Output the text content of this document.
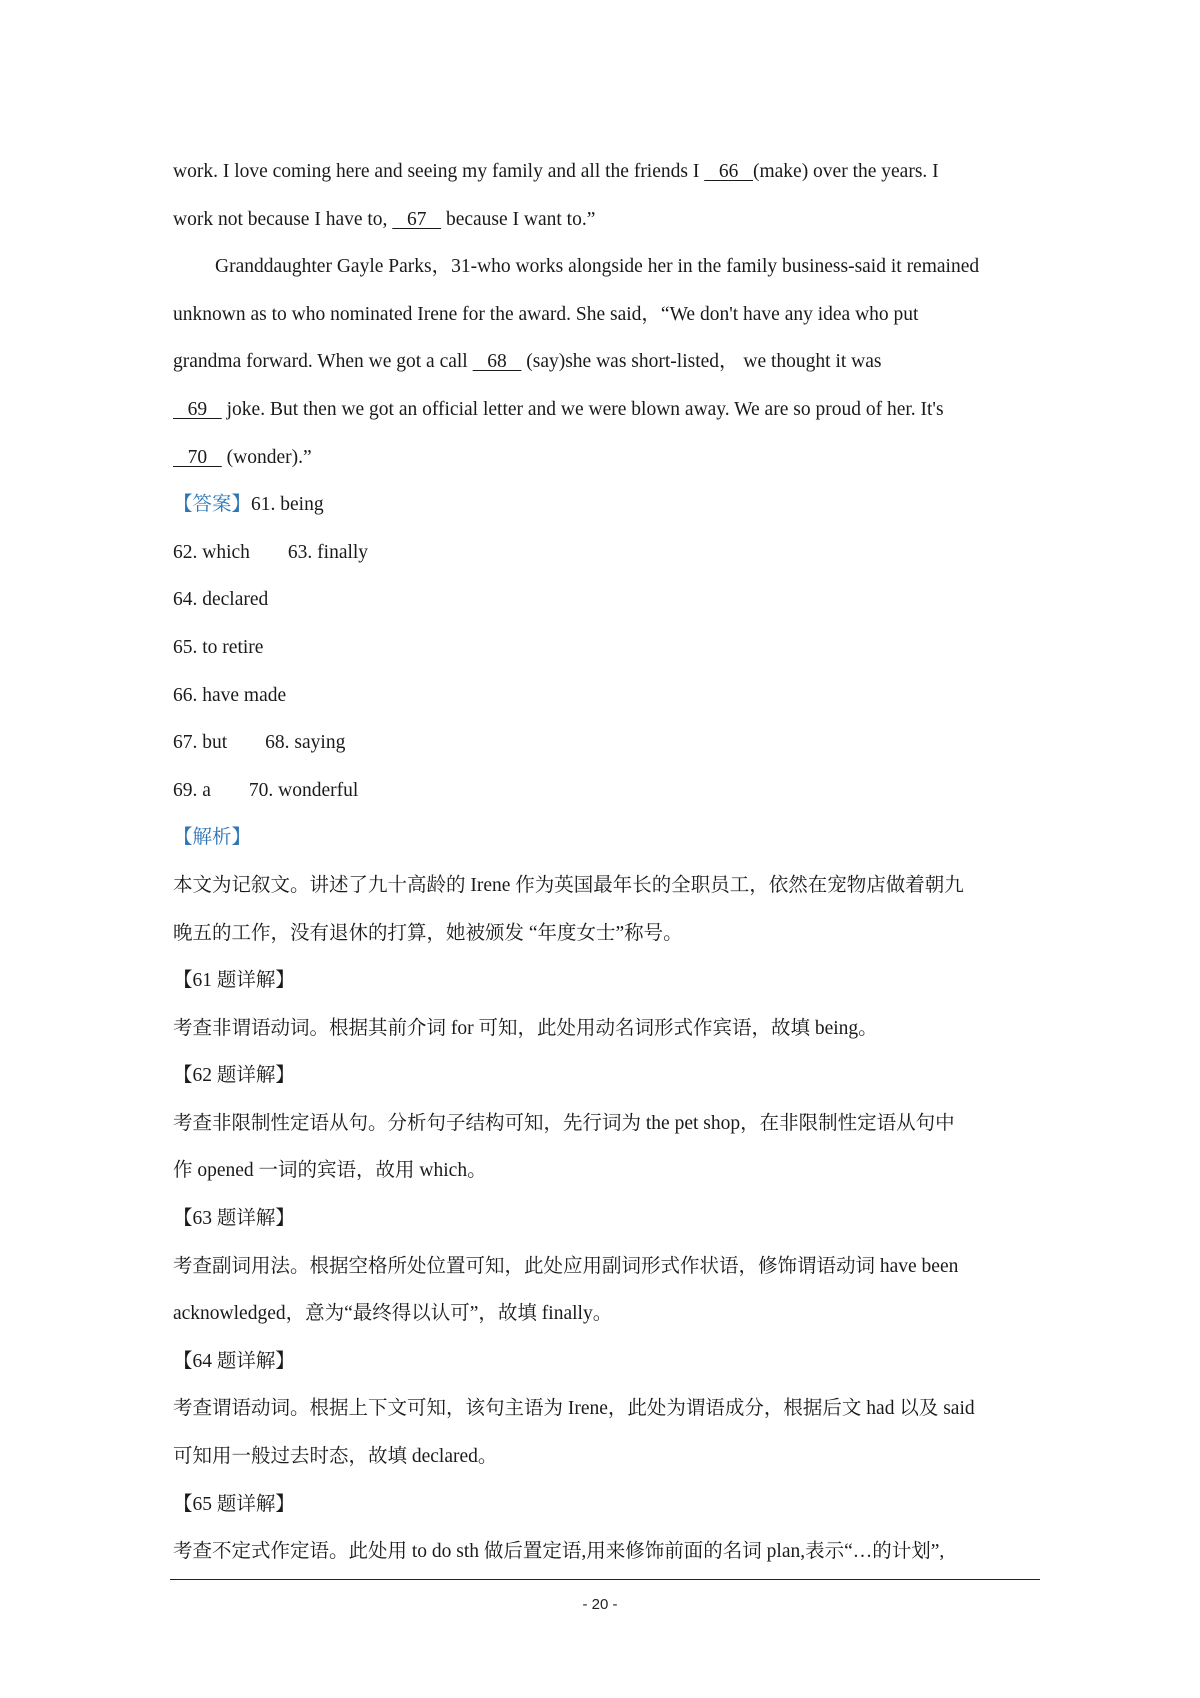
work. I love coming here and seeing my family and all the friends I    66   (make) over the years. I
work not because I have to,    67    because I want to.”
Granddaughter Gayle Parks，31-who works alongside her in the family business-said it remained
unknown as to who nominated Irene for the award. She said，“We don't have any idea who put
grandma forward. When we got a call    68    (say)she was short-listed， we thought it was
69    joke. But then we got an official letter and we were blown away. We are so proud of her. It's
70    (wonder).”
【答案】61. being
62. which 63. finally
64. declared
65. to retire
66. have made
67. but 68. saying
69. a 70. wonderful
【解析】
本文为记叙文。讲述了九十高龄的 Irene 作为英国最年长的全职员工，依然在宠物店做着朝九
晚五的工作，没有退休的打算，她被颁发 “年度女士”称号。
【61 题详解】
考查非谓语动词。根据其前介词 for 可知，此处用动名词形式作宾语，故填 being。
【62 题详解】
考查非限制性定语从句。分析句子结构可知，先行词为 the pet shop，在非限制性定语从句中
作 opened 一词的宾语，故用 which。
【63 题详解】
考查副词用法。根据空格所处位置可知，此处应用副词形式作状语，修饰谓语动词 have been
acknowledged，意为“最终得以认可”，故填 finally。
【64 题详解】
考查谓语动词。根据上下文可知，该句主语为 Irene，此处为谓语成分，根据后文 had 以及 said
可知用一般过去时态，故填 declared。
【65 题详解】
考查不定式作定语。此处用 to do sth 做后置定语,用来修饰前面的名词 plan,表示“…的计划”,
- 20 -
